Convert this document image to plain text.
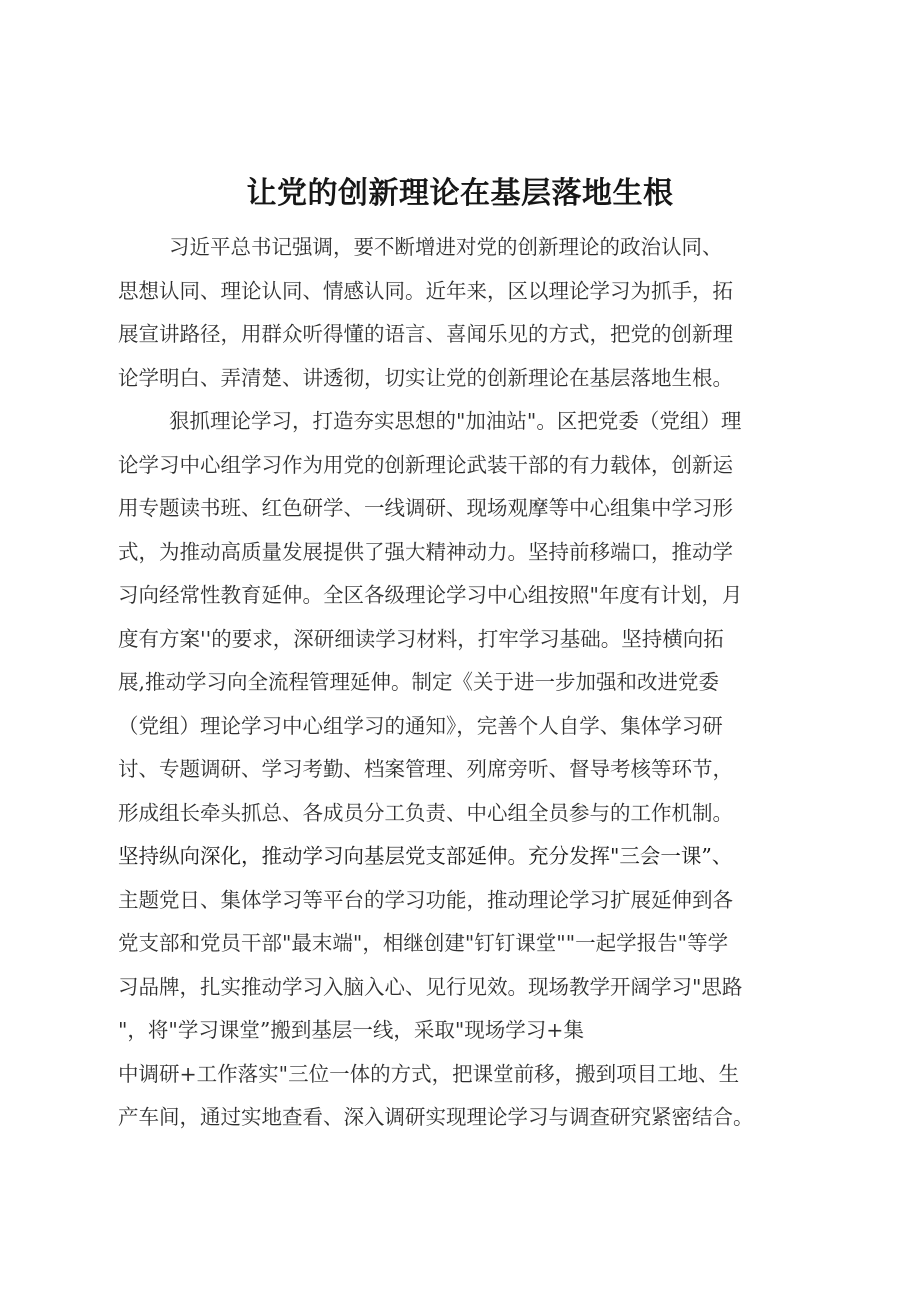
让党的创新理论在基层落地生根
习近平总书记强调，要不断增进对党的创新理论的政治认同、
思想认同、理论认同、情感认同。近年来，区以理论学习为抓手，拓
展宣讲路径，用群众听得懂的语言、喜闻乐见的方式，把党的创新理
论学明白、弄清楚、讲透彻，切实让党的创新理论在基层落地生根。
狠抓理论学习，打造夯实思想的"加油站"。区把党委（党组）理
论学习中心组学习作为用党的创新理论武装干部的有力载体，创新运
用专题读书班、红色研学、一线调研、现场观摩等中心组集中学习形
式，为推动高质量发展提供了强大精神动力。坚持前移端口，推动学
习向经常性教育延伸。全区各级理论学习中心组按照"年度有计划，月
度有方案''的要求，深研细读学习材料，打牢学习基础。坚持横向拓
展,推动学习向全流程管理延伸。制定《关于进一步加强和改进党委
（党组）理论学习中心组学习的通知》，完善个人自学、集体学习研
讨、专题调研、学习考勤、档案管理、列席旁听、督导考核等环节，
形成组长牵头抓总、各成员分工负责、中心组全员参与的工作机制。
坚持纵向深化，推动学习向基层党支部延伸。充分发挥"三会一课”、
主题党日、集体学习等平台的学习功能，推动理论学习扩展延伸到各
党支部和党员干部"最末端"，相继创建"钉钉课堂""一起学报告"等学
习品牌，扎实推动学习入脑入心、见行见效。现场教学开阔学习"思路
"，将"学习课堂”搬到基层一线，采取"现场学习+集
中调研+工作落实"三位一体的方式，把课堂前移，搬到项目工地、生
产车间，通过实地查看、深入调研实现理论学习与调查研究紧密结合。
